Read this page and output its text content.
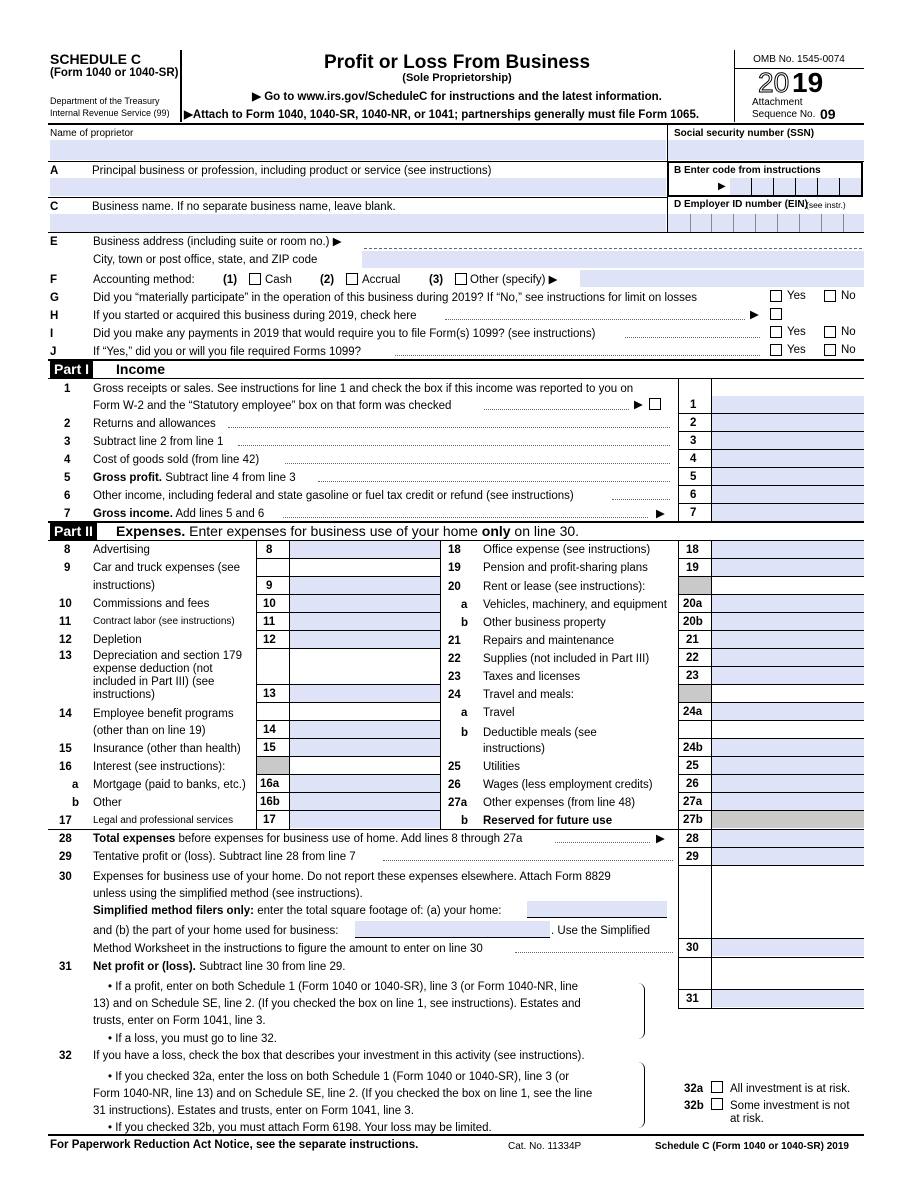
SCHEDULE C
(Form 1040 or 1040-SR)
Department of the Treasury
Internal Revenue Service (99)
Profit or Loss From Business
(Sole Proprietorship)
▶ Go to www.irs.gov/ScheduleC for instructions and the latest information.
▶Attach to Form 1040, 1040-SR, 1040-NR, or 1041; partnerships generally must file Form 1065.
OMB No. 1545-0074
20 19
Attachment
Sequence No. 09
Name of proprietor	Social security number (SSN)
A	Principal business or profession, including product or service (see instructions)	B Enter code from instructions
▶
C	Business name. If no separate business name, leave blank.	D Employer ID number (EIN)
(see instr.)
E	Business address (including suite or room no.) ▶
City, town or post office, state, and ZIP code
F	Accounting method: (1) Cash (2) Accrual (3) Other (specify) ▶
G	Did you “materially participate” in the operation of this business during 2019? If “No,” see instructions for limit on losses	Yes	No
H	If you started or acquired this business during 2019, check here	▶
I	Did you make any payments in 2019 that would require you to file Form(s) 1099? (see instructions)	Yes	No
J	If “Yes,” did you or will you file required Forms 1099?	Yes	No
Part I Income
1 Gross receipts or sales. See instructions for line 1 and check the box if this income was reported to you on
Form W-2 and the “Statutory employee” box on that form was checked	▶	1
2 Returns and allowances	2
3 Subtract line 2 from line 1	3
4 Cost of goods sold (from line 42)	4
5 Gross profit. Subtract line 4 from line 3	5
6 Other income, including federal and state gasoline or fuel tax credit or refund (see instructions)	6
7 Gross income. Add lines 5 and 6	▶ 7
Part II Expenses. Enter expenses for business use of your home only on line 30.
8 Advertising	8
9 Car and truck expenses (see
instructions)	9
10 Commissions and fees	10
11 Contract labor (see instructions) 11
12 Depletion	12
13 Depreciation and section 179
expense deduction (not
included in Part III) (see
instructions)	13
14 Employee benefit programs
(other than on line 19)	14
15 Insurance (other than health) 15
16 Interest (see instructions):
a Mortgage (paid to banks, etc.) 16a
b Other	16b
17 Legal and professional services	17
18 Office expense (see instructions)	18
19 Pension and profit-sharing plans	19
20 Rent or lease (see instructions):
a Vehicles, machinery, and equipment 20a
b Other business property	20b
21 Repairs and maintenance	21
22 Supplies (not included in Part III)	22
23 Taxes and licenses	23
24 Travel and meals:
a Travel	24a
b Deductible meals (see
instructions)	24b
25 Utilities	25
26 Wages (less employment credits)	26
27a Other expenses (from line 48)	27a
b Reserved for future use	27b
28 Total expenses before expenses for business use of home. Add lines 8 through 27a	▶ 28
29 Tentative profit or (loss). Subtract line 28 from line 7	29
30 Expenses for business use of your home. Do not report these expenses elsewhere. Attach Form 8829
unless using the simplified method (see instructions).
Simplified method filers only: enter the total square footage of: (a) your home:
and (b) the part of your home used for business:	. Use the Simplified
Method Worksheet in the instructions to figure the amount to enter on line 30	30
31 Net profit or (loss). Subtract line 30 from line 29.
• If a profit, enter on both Schedule 1 (Form 1040 or 1040-SR), line 3 (or Form 1040-NR, line
13) and on Schedule SE, line 2. (If you checked the box on line 1, see instructions). Estates and
trusts, enter on Form 1041, line 3.
• If a loss, you must go to line 32.
31
32 If you have a loss, check the box that describes your investment in this activity (see instructions).
• If you checked 32a, enter the loss on both Schedule 1 (Form 1040 or 1040-SR), line 3 (or
Form 1040-NR, line 13) and on Schedule SE, line 2. (If you checked the box on line 1, see the line
31 instructions). Estates and trusts, enter on Form 1041, line 3.
• If you checked 32b, you must attach Form 6198. Your loss may be limited.
32a All investment is at risk.
32b Some investment is not
at risk.
For Paperwork Reduction Act Notice, see the separate instructions.	Cat. No. 11334P	Schedule C (Form 1040 or 1040-SR) 2019
